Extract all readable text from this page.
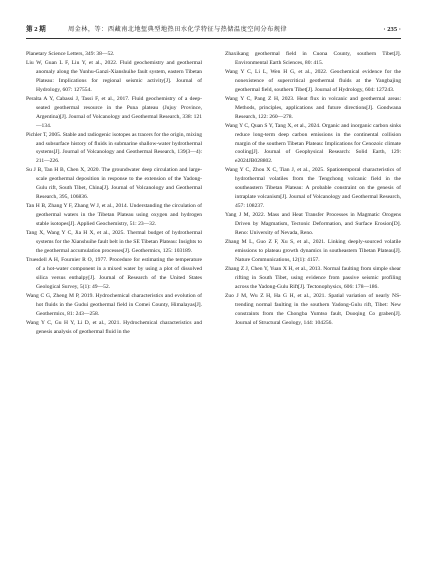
第 2 期	周金林，等：西藏南北地堑典型地热田水化学特征与热储温度空间分布规律	· 235 ·

Planetary Science Letters, 349: 38—52.

Liu W, Guan L F, Liu Y, et al., 2022. Fluid geochemistry and geothermal anomaly along the Yunhu-Ganzi-Xianshuihe fault system, eastern Tibetan Plateau: Implications for regional seismic activity[J]. Journal of Hydrology, 607: 127554.

Peralta A Y, Cabassi J, Tassi F, et al., 2017. Fluid geochemistry of a deep-seated geothermal resource in the Puna plateau (Jujuy Province, Argentina)[J]. Journal of Volcanology and Geothermal Research, 338: 121—134.

Pichler T, 2005. Stable and radiogenic isotopes as tracers for the origin, mixing and subsurface history of fluids in submarine shallow-water hydrothermal systems[J]. Journal of Volcanology and Geothermal Research, 139(3—4): 211—226.

Su J B, Tan H B, Chen X, 2020. The groundwater deep circulation and large-scale geothermal deposition in response to the extension of the Yadong-Gulu rift, South Tibet, China[J]. Journal of Volcanology and Geothermal Research, 395, 106836.

Tan H B, Zhang Y F, Zhang W J, et al., 2014. Understanding the circulation of geothermal waters in the Tibetan Plateau using oxygen and hydrogen stable isotopes[J]. Applied Geochemistry, 51: 23—32.

Tang X, Wang Y C, Jia H X, et al., 2025. Thermal budget of hydrothermal systems for the Xianshuihe fault belt in the SE Tibetan Plateau: Insights to the geothermal accumulation processes[J]. Geothermics, 125: 103189.

Truesdell A H, Fournier R O, 1977. Procedure for estimating the temperature of a hot-water component in a mixed water by using a plot of dissolved silica versus enthalpy[J]. Journal of Research of the United States Geological Survey, 5(1): 49—52.

Wang C G, Zheng M P, 2019. Hydrochemical characteristics and evolution of hot fluids in the Gudui geothermal field in Comei County, Himalayas[J]. Geothermics, 81: 243—258.

Wang Y C, Gu H Y, Li D, et al., 2021. Hydrochemical characteristics and genesis analysis of geothermal fluid in the

Zhaxikang geothermal field in Cuona County, southern Tibet[J]. Environmental Earth Sciences, 80: 415.

Wang Y C, Li L, Wen H G, et al., 2022. Geochemical evidence for the nonexistence of supercritical geothermal fluids at the Yangbajing geothermal field, southern Tibet[J]. Journal of Hydrology, 604: 127243.

Wang Y C, Pang Z H, 2023. Heat flux in volcanic and geothermal areas: Methods, principles, applications and future directions[J]. Gondwana Research, 122: 260—278.

Wang Y C, Quan S Y, Tang X, et al., 2024. Organic and inorganic carbon sinks reduce long-term deep carbon emissions in the continental collision margin of the southern Tibetan Plateau: Implications for Cenozoic climate cooling[J]. Journal of Geophysical Research: Solid Earth, 129: e2024JB028802.

Wang Y C, Zhou X C, Tian J, et al., 2025. Spatiotemporal characteristics of hydrothermal volatiles from the Tengchong volcanic field in the southeastern Tibetan Plateau: A probable constraint on the genesis of intraplate volcanism[J]. Journal of Volcanology and Geothermal Research, 457: 108237.

Yang J M, 2022. Mass and Heat Transfer Processes in Magmatic Orogens Driven by Magmatism, Tectonic Deformation, and Surface Erosion[D]. Reno: University of Nevada, Reno.

Zhang M L, Guo Z F, Xu S, et al., 2021. Linking deeply-sourced volatile emissions to plateau growth dynamics in southeastern Tibetan Plateau[J]. Nature Communications, 12(1): 4157.

Zhang Z J, Chen Y, Yuan X H, et al., 2013. Normal faulting from simple shear rifting in South Tibet, using evidence from passive seismic profiling across the Yadong-Gulu Rift[J]. Tectonophysics, 606: 178—186.

Zuo J M, Wu Z H, Ha G H, et al., 2021. Spatial variation of nearly NS-trending normal faulting in the southern Yadong-Gulu rift, Tibet: New constraints from the Chongba Yumtso fault, Duoqing Co graben[J]. Journal of Structural Geology, 144: 104256.
